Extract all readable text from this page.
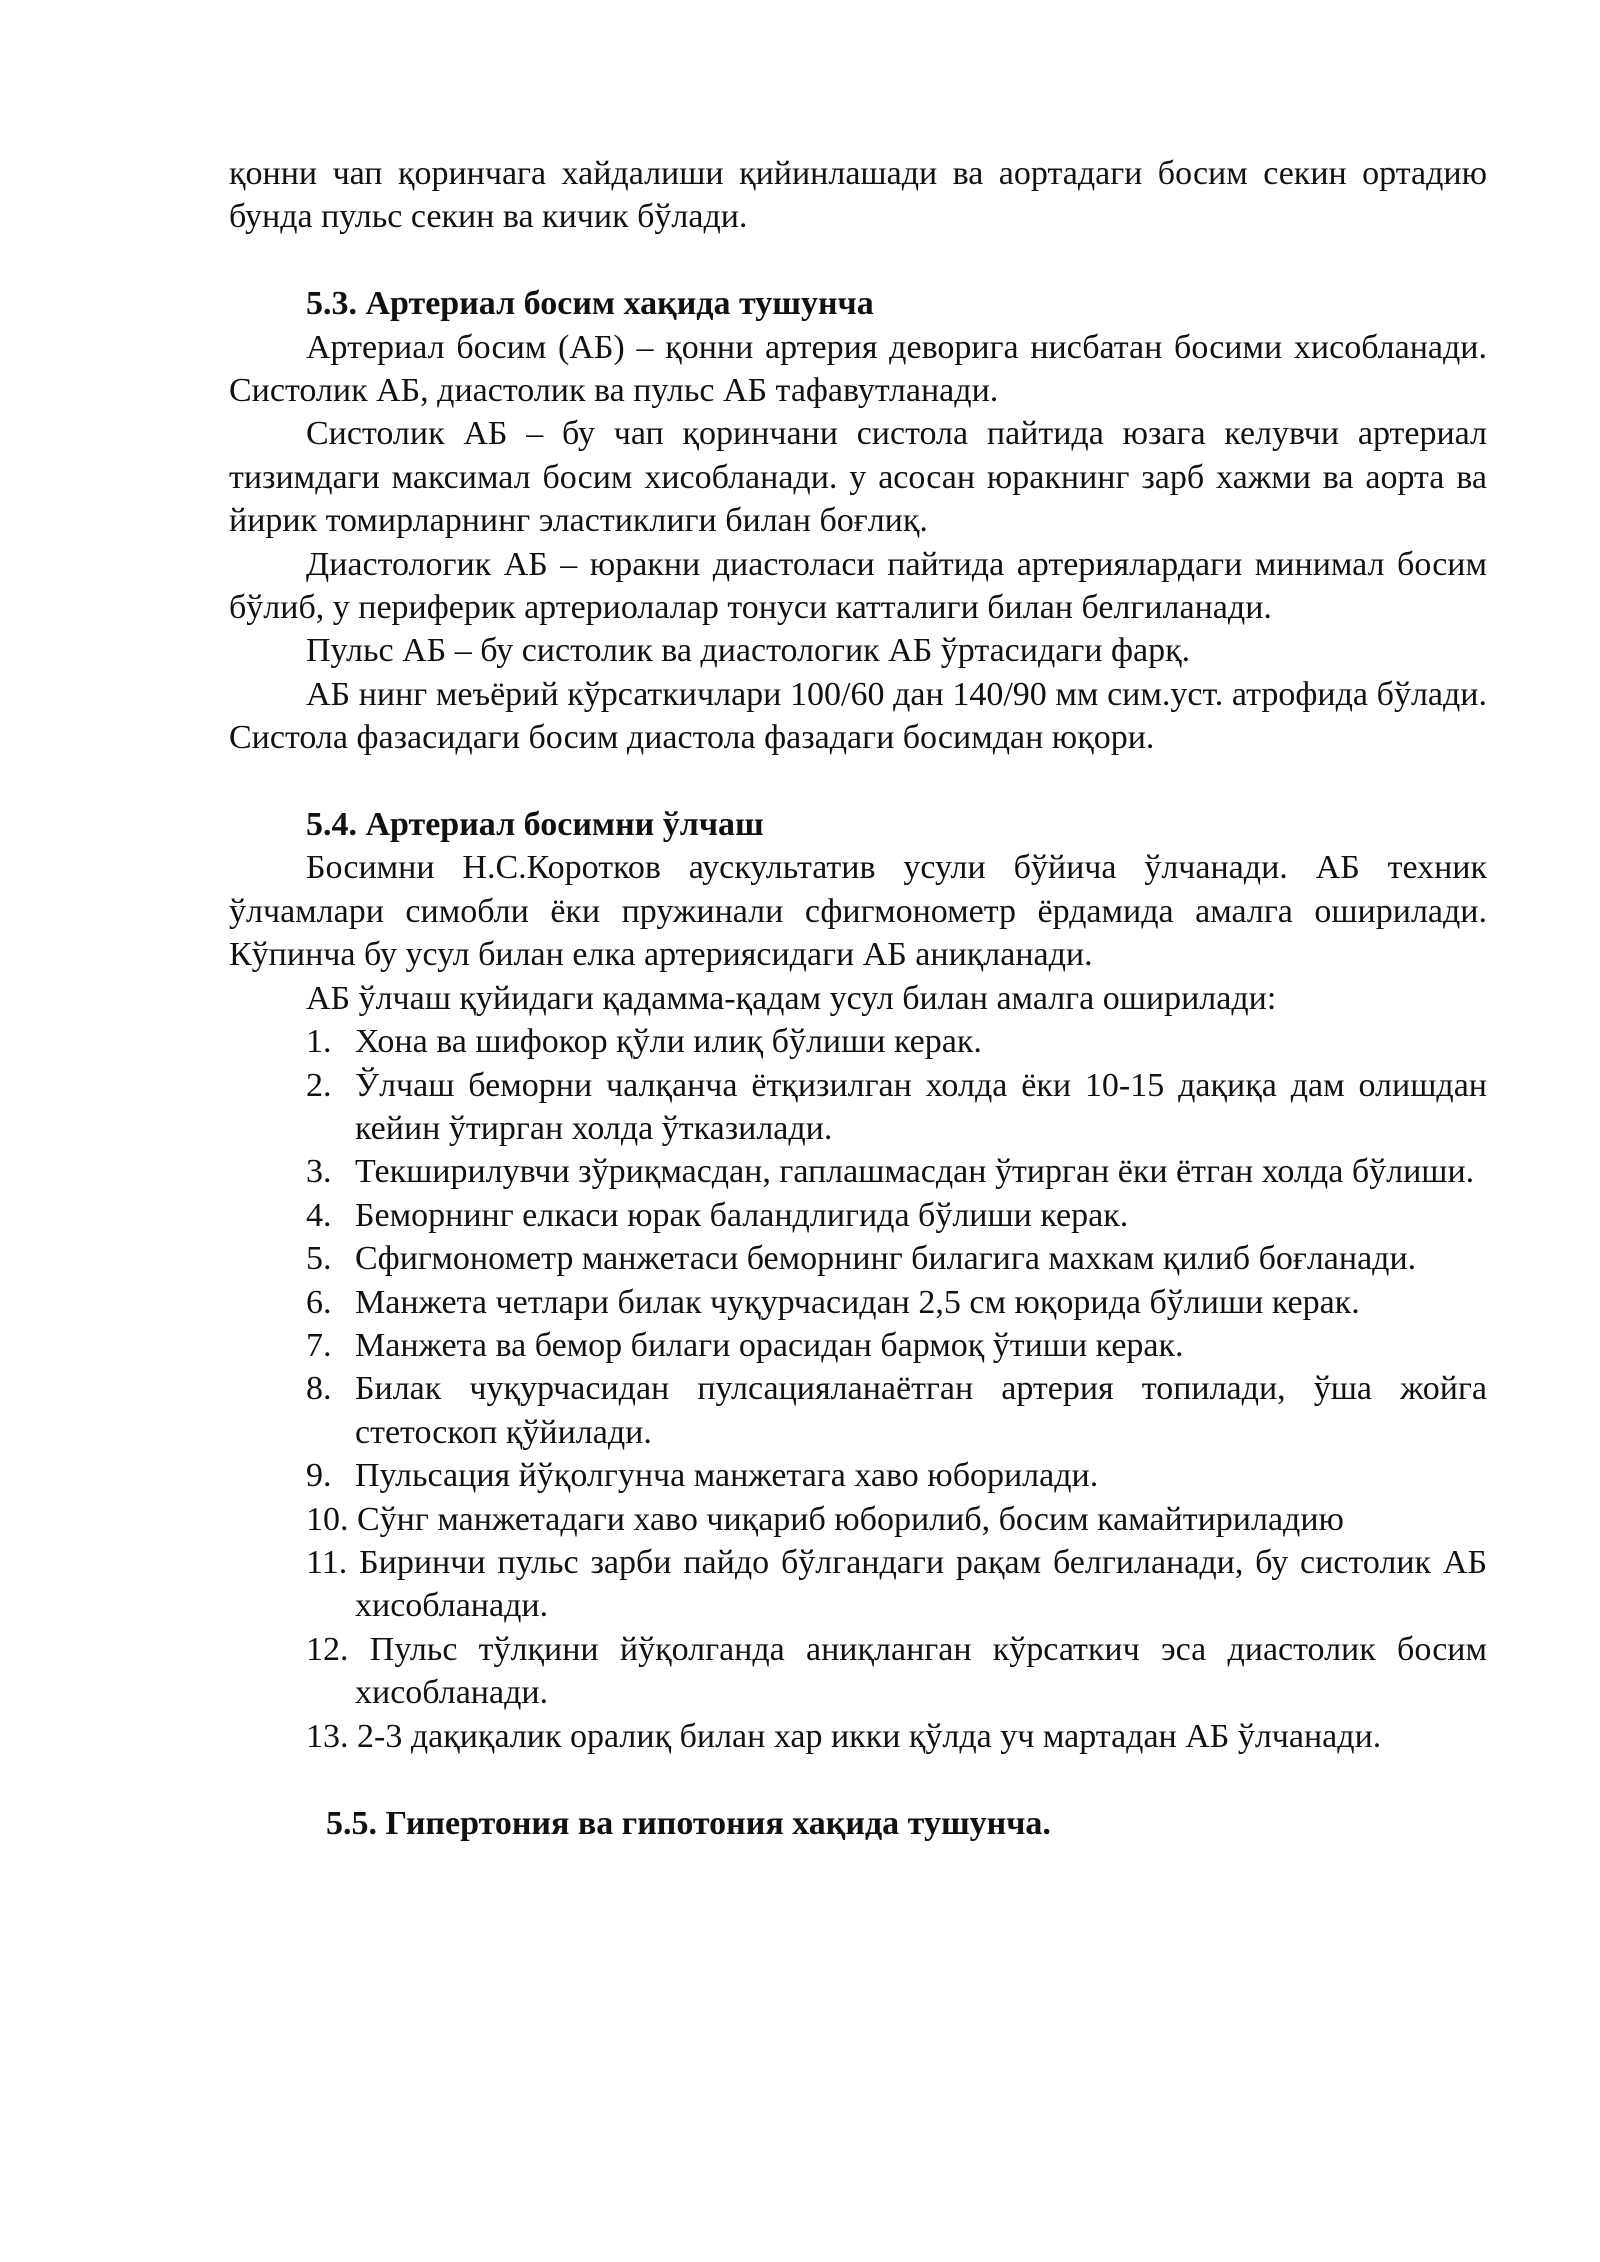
қонни чап қоринчага хайдалиши қийинлашади ва аортадаги босим секин ортадию бунда пульс секин ва кичик бўлади.

5.3. Артериал босим хақида тушунча

Артериал босим (АБ) – қонни артерия деворига нисбатан босими хисобланади. Систолик АБ, диастолик ва пульс АБ тафавутланади.

Систолик АБ – бу чап қоринчани систола пайтида юзага келувчи артериал тизимдаги максимал босим хисобланади. у асосан юракнинг зарб хажми ва аорта ва йирик томирларнинг эластиклиги билан боғлиқ.

Диастологик АБ – юракни диастоласи пайтида артериялардаги минимал босим бўлиб, у периферик артериолалар тонуси катталиги билан белгиланади.

Пульс АБ – бу систолик ва диастологик АБ ўртасидаги фарқ.

АБ нинг меъёрий кўрсаткичлари 100/60 дан 140/90 мм сим.уст. атрофида бўлади. Систола фазасидаги босим диастола фазадаги босимдан юқори.

5.4. Артериал босимни ўлчаш

Босимни Н.С.Коротков аускультатив усули бўйича ўлчанади. АБ техник ўлчамлари симобли ёки пружинали сфигмонометр ёрдамида амалга оширилади. Кўпинча бу усул билан елка артериясидаги АБ аниқланади.

АБ ўлчаш қуйидаги қадамма-қадам усул билан амалга оширилади:

1. Хона ва шифокор қўли илиқ бўлиши керак.
2. Ўлчаш беморни чалқанча ётқизилган холда ёки 10-15 дақиқа дам олишдан кейин ўтирган холда ўтказилади.
3. Текширилувчи зўриқмасдан, гаплашмасдан ўтирган ёки ётган холда бўлиши.
4. Беморнинг елкаси юрак баландлигида бўлиши керак.
5. Сфигмонометр манжетаси беморнинг билагига махкам қилиб боғланади.
6. Манжета четлари билак чуқурчасидан 2,5 см юқорида бўлиши керак.
7. Манжета ва бемор билаги орасидан бармоқ ўтиши керак.
8. Билак чуқурчасидан пулсацияланаётган артерия топилади, ўша жойга стетоскоп қўйилади.
9. Пульсация йўқолгунча манжетага хаво юборилади.
10. Сўнг манжетадаги хаво чиқариб юборилиб, босим камайтириладию
11. Биринчи пульс зарби пайдо бўлгандаги рақам белгиланади, бу систолик АБ хисобланади.
12. Пульс тўлқини йўқолганда аниқланган кўрсаткич эса диастолик босим хисобланади.
13. 2-3 дақиқалик оралиқ билан хар икки қўлда уч мартадан АБ ўлчанади.

5.5. Гипертония ва гипотония хақида тушунча.
